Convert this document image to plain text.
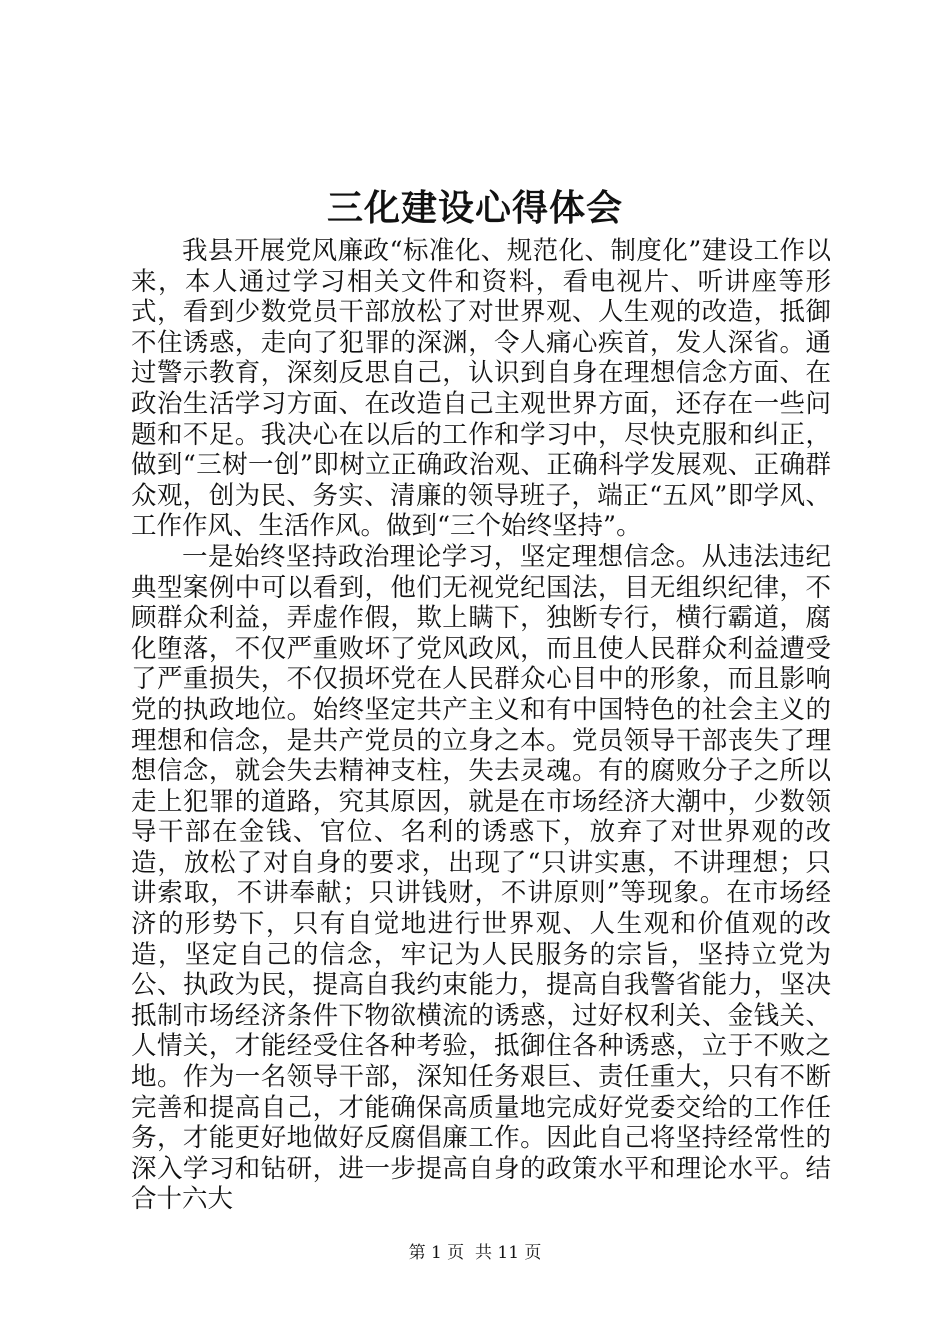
三化建设心得体会

我县开展党风廉政“标准化、规范化、制度化”建设工作以来，本人通过学习相关文件和资料，看电视片、听讲座等形式，看到少数党员干部放松了对世界观、人生观的改造，抵御不住诱惑，走向了犯罪的深渊，令人痛心疾首，发人深省。通过警示教育，深刻反思自己，认识到自身在理想信念方面、在政治生活学习方面、在改造自己主观世界方面，还存在一些问题和不足。我决心在以后的工作和学习中，尽快克服和纠正，做到“三树一创”即树立正确政治观、正确科学发展观、正确群众观，创为民、务实、清廉的领导班子，端正“五风”即学风、工作作风、生活作风。做到“三个始终坚持”。

一是始终坚持政治理论学习，坚定理想信念。从违法违纪典型案例中可以看到，他们无视党纪国法，目无组织纪律，不顾群众利益，弄虚作假，欺上瞒下，独断专行，横行霸道，腐化堕落，不仅严重败坏了党风政风，而且使人民群众利益遭受了严重损失，不仅损坏党在人民群众心目中的形象，而且影响党的执政地位。始终坚定共产主义和有中国特色的社会主义的理想和信念，是共产党员的立身之本。党员领导干部丧失了理想信念，就会失去精神支柱，失去灵魂。有的腐败分子之所以走上犯罪的道路，究其原因，就是在市场经济大潮中，少数领导干部在金钱、官位、名利的诱惑下，放弃了对世界观的改造，放松了对自身的要求，出现了“只讲实惠，不讲理想；只讲索取，不讲奉献；只讲钱财，不讲原则”等现象。在市场经济的形势下，只有自觉地进行世界观、人生观和价值观的改造，坚定自己的信念，牢记为人民服务的宗旨，坚持立党为公、执政为民，提高自我约束能力，提高自我警省能力，坚决抵制市场经济条件下物欲横流的诱惑，过好权利关、金钱关、人情关，才能经受住各种考验，抵御住各种诱惑，立于不败之地。作为一名领导干部，深知任务艰巨、责任重大，只有不断完善和提高自己，才能确保高质量地完成好党委交给的工作任务，才能更好地做好反腐倡廉工作。因此自己将坚持经常性的深入学习和钻研，进一步提高自身的政策水平和理论水平。结合十六大

第 1 页  共 11 页
